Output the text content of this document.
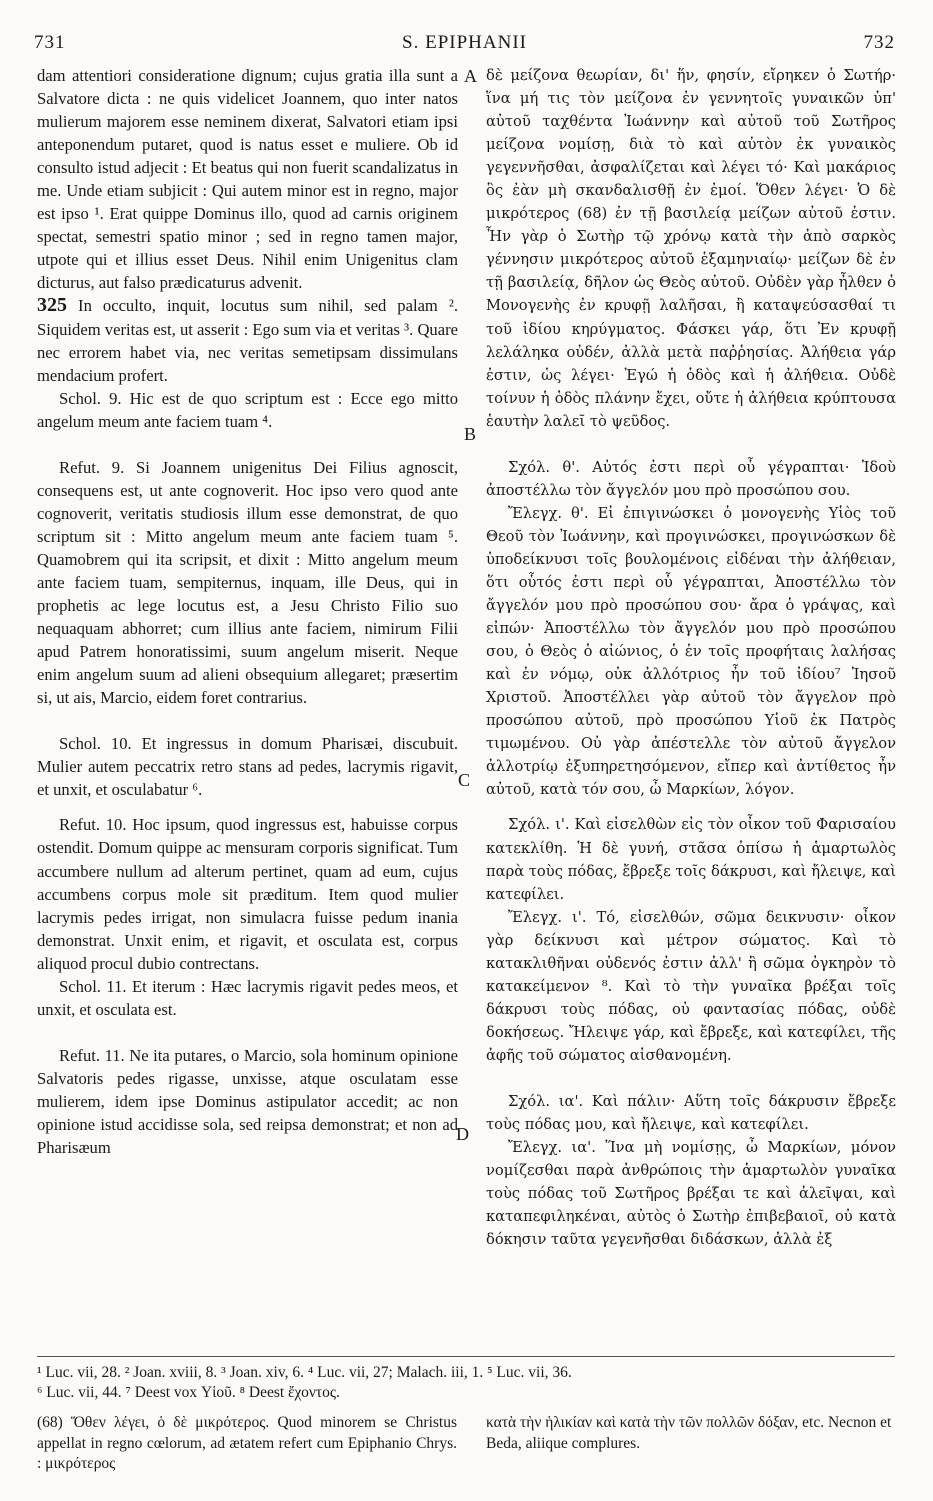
731	S. EPIPHANII	732
A
B
C
D

dam attentiori consideratione dignum; cujus gratia illa sunt a Salvatore dicta : ne quis videlicet Joannem, quo inter natos mulierum majorem esse neminem dixerat, Salvatori etiam ipsi anteponendum putaret, quod is natus esset e muliere. Ob id consulto istud adjecit : Et beatus qui non fuerit scandalizatus in me. Unde etiam subjicit : Qui autem minor est in regno, major est ipso ¹. Erat quippe Dominus illo, quod ad carnis originem spectat, semestri spatio minor ; sed in regno tamen major, utpote qui et illius esset Deus. Nihil enim Unigenitus clam dicturus, aut falso prædicaturus advenit.

325 In occulto, inquit, locutus sum nihil, sed palam ². Siquidem veritas est, ut asserit : Ego sum via et veritas ³. Quare nec errorem habet via, nec veritas semetipsam dissimulans mendacium profert.

Schol. 9. Hic est de quo scriptum est : Ecce ego mitto angelum meum ante faciem tuam ⁴.

Refut. 9. Si Joannem unigenitus Dei Filius agnoscit, consequens est, ut ante cognoverit. Hoc ipso vero quod ante cognoverit, veritatis studiosis illum esse demonstrat, de quo scriptum sit : Mitto angelum meum ante faciem tuam ⁵. Quamobrem qui ita scripsit, et dixit : Mitto angelum meum ante faciem tuam, sempiternus, inquam, ille Deus, qui in prophetis ac lege locutus est, a Jesu Christo Filio suo nequaquam abhorret; cum illius ante faciem, nimirum Filii apud Patrem honoratissimi, suum angelum miserit. Neque enim angelum suum ad alieni obsequium allegaret; præsertim si, ut ais, Marcio, eidem foret contrarius.

Schol. 10. Et ingressus in domum Pharisæi, discubuit. Mulier autem peccatrix retro stans ad pedes, lacrymis rigavit, et unxit, et osculabatur ⁶.

Refut. 10. Hoc ipsum, quod ingressus est, habuisse corpus ostendit. Domum quippe ac mensuram corporis significat. Tum accumbere nullum ad alterum pertinet, quam ad eum, cujus accumbens corpus mole sit præditum. Item quod mulier lacrymis pedes irrigat, non simulacra fuisse pedum inania demonstrat. Unxit enim, et rigavit, et osculata est, corpus aliquod procul dubio contrectans.

Schol. 11. Et iterum : Hæc lacrymis rigavit pedes meos, et unxit, et osculata est.

Refut. 11. Ne ita putares, o Marcio, sola hominum opinione Salvatoris pedes rigasse, unxisse, atque osculatam esse mulierem, idem ipse Dominus astipulator accedit; ac non opinione istud accidisse sola, sed reipsa demonstrat; et non ad Pharisæum

δὲ μείζονα θεωρίαν, δι' ἥν, φησίν, εἴρηκεν ὁ Σωτήρ· ἵνα μή τις τὸν μείζονα ἐν γεννητοῖς γυναικῶν ὑπ' αὐτοῦ ταχθέντα Ἰωάννην καὶ αὐτοῦ τοῦ Σωτῆρος μείζονα νομίσῃ, διὰ τὸ καὶ αὐτὸν ἐκ γυναικὸς γεγεννῆσθαι, ἀσφαλίζεται καὶ λέγει τό· Καὶ μακάριος ὃς ἐὰν μὴ σκανδαλισθῇ ἐν ἐμοί. Ὅθεν λέγει· Ὁ δὲ μικρότερος (68) ἐν τῇ βασιλείᾳ μείζων αὐτοῦ ἐστιν. Ἦν γὰρ ὁ Σωτὴρ τῷ χρόνῳ κατὰ τὴν ἀπὸ σαρκὸς γέννησιν μικρότερος αὐτοῦ ἑξαμηνιαίῳ· μείζων δὲ ἐν τῇ βασιλείᾳ, δῆλον ὡς Θεὸς αὐτοῦ. Οὐδὲν γὰρ ἦλθεν ὁ Μονογενὴς ἐν κρυφῇ λαλῆσαι, ἢ καταψεύσασθαί τι τοῦ ἰδίου κηρύγματος. Φάσκει γάρ, ὅτι Ἐν κρυφῇ λελάληκα οὐδέν, ἀλλὰ μετὰ παῤῥησίας. Ἀλήθεια γάρ ἐστιν, ὡς λέγει· Ἐγώ ἡ ὁδὸς καὶ ἡ ἀλήθεια. Οὐδὲ τοίνυν ἡ ὁδὸς πλάνην ἔχει, οὔτε ἡ ἀλήθεια κρύπτουσα ἑαυτὴν λαλεῖ τὸ ψεῦδος.

Σχόλ. θ'. Αὐτός ἐστι περὶ οὗ γέγραπται· Ἰδοὺ ἀποστέλλω τὸν ἄγγελόν μου πρὸ προσώπου σου.

Ἔλεγχ. θ'. Εἰ ἐπιγινώσκει ὁ μονογενὴς Υἱὸς τοῦ Θεοῦ τὸν Ἰωάννην, καὶ προγινώσκει, προγινώσκων δὲ ὑποδείκνυσι τοῖς βουλομένοις εἰδέναι τὴν ἀλήθειαν, ὅτι οὗτός ἐστι περὶ οὗ γέγραπται, Ἀποστέλλω τὸν ἄγγελόν μου πρὸ προσώπου σου· ἄρα ὁ γράψας, καὶ εἰπών· Ἀποστέλλω τὸν ἄγγελόν μου πρὸ προσώπου σου, ὁ Θεὸς ὁ αἰώνιος, ὁ ἐν τοῖς προφήταις λαλήσας καὶ ἐν νόμῳ, οὐκ ἀλλότριος ἦν τοῦ ἰδίου⁷ Ἰησοῦ Χριστοῦ. Ἀποστέλλει γὰρ αὐτοῦ τὸν ἄγγελον πρὸ προσώπου αὐτοῦ, πρὸ προσώπου Υἱοῦ ἐκ Πατρὸς τιμωμένου. Οὐ γὰρ ἀπέστελλε τὸν αὐτοῦ ἄγγελον ἀλλοτρίῳ ἐξυπηρετησόμενον, εἴπερ καὶ ἀντίθετος ἦν αὐτοῦ, κατὰ τόν σου, ὦ Μαρκίων, λόγον.

Σχόλ. ι'. Καὶ εἰσελθὼν εἰς τὸν οἶκον τοῦ Φαρισαίου κατεκλίθη. Ἡ δὲ γυνή, στᾶσα ὀπίσω ἡ ἁμαρτωλὸς παρὰ τοὺς πόδας, ἔβρεξε τοῖς δάκρυσι, καὶ ἤλειψε, καὶ κατεφίλει.

Ἔλεγχ. ι'. Τό, εἰσελθών, σῶμα δεικνυσιν· οἶκον γὰρ δείκνυσι καὶ μέτρον σώματος. Καὶ τὸ κατακλιθῆναι οὐδενός ἐστιν ἀλλ' ἢ σῶμα ὀγκηρὸν τὸ κατακείμενον ⁸. Καὶ τὸ τὴν γυναῖκα βρέξαι τοῖς δάκρυσι τοὺς πόδας, οὐ φαντασίας πόδας, οὐδὲ δοκήσεως. Ἤλειψε γάρ, καὶ ἔβρεξε, καὶ κατεφίλει, τῆς ἀφῆς τοῦ σώματος αἰσθανομένη.

Σχόλ. ια'. Καὶ πάλιν· Αὕτη τοῖς δάκρυσιν ἔβρεξε τοὺς πόδας μου, καὶ ἤλειψε, καὶ κατεφίλει.

Ἔλεγχ. ια'. Ἵνα μὴ νομίσῃς, ὦ Μαρκίων, μόνον νομίζεσθαι παρὰ ἀνθρώποις τὴν ἁμαρτωλὸν γυναῖκα τοὺς πόδας τοῦ Σωτῆρος βρέξαι τε καὶ ἀλεῖψαι, καὶ καταπεφιληκέναι, αὐτὸς ὁ Σωτὴρ ἐπιβεβαιοῖ, οὐ κατὰ δόκησιν ταῦτα γεγενῆσθαι διδάσκων, ἀλλὰ ἐξ

¹ Luc. vii, 28. ² Joan. xviii, 8. ³ Joan. xiv, 6. ⁴ Luc. vii, 27; Malach. iii, 1. ⁵ Luc. vii, 36.
⁶ Luc. vii, 44. ⁷ Deest vox Υἱοῦ. ⁸ Deest ἔχοντος.
(68) Ὅθεν λέγει, ὁ δὲ μικρότερος. Quod minorem se Christus appellat in regno cœlorum, ad ætatem refert cum Epiphanio Chrys. : μικρότερος
κατὰ τὴν ἡλικίαν καὶ κατὰ τὴν τῶν πολλῶν δόξαν, etc. Necnon et Beda, aliique complures.
